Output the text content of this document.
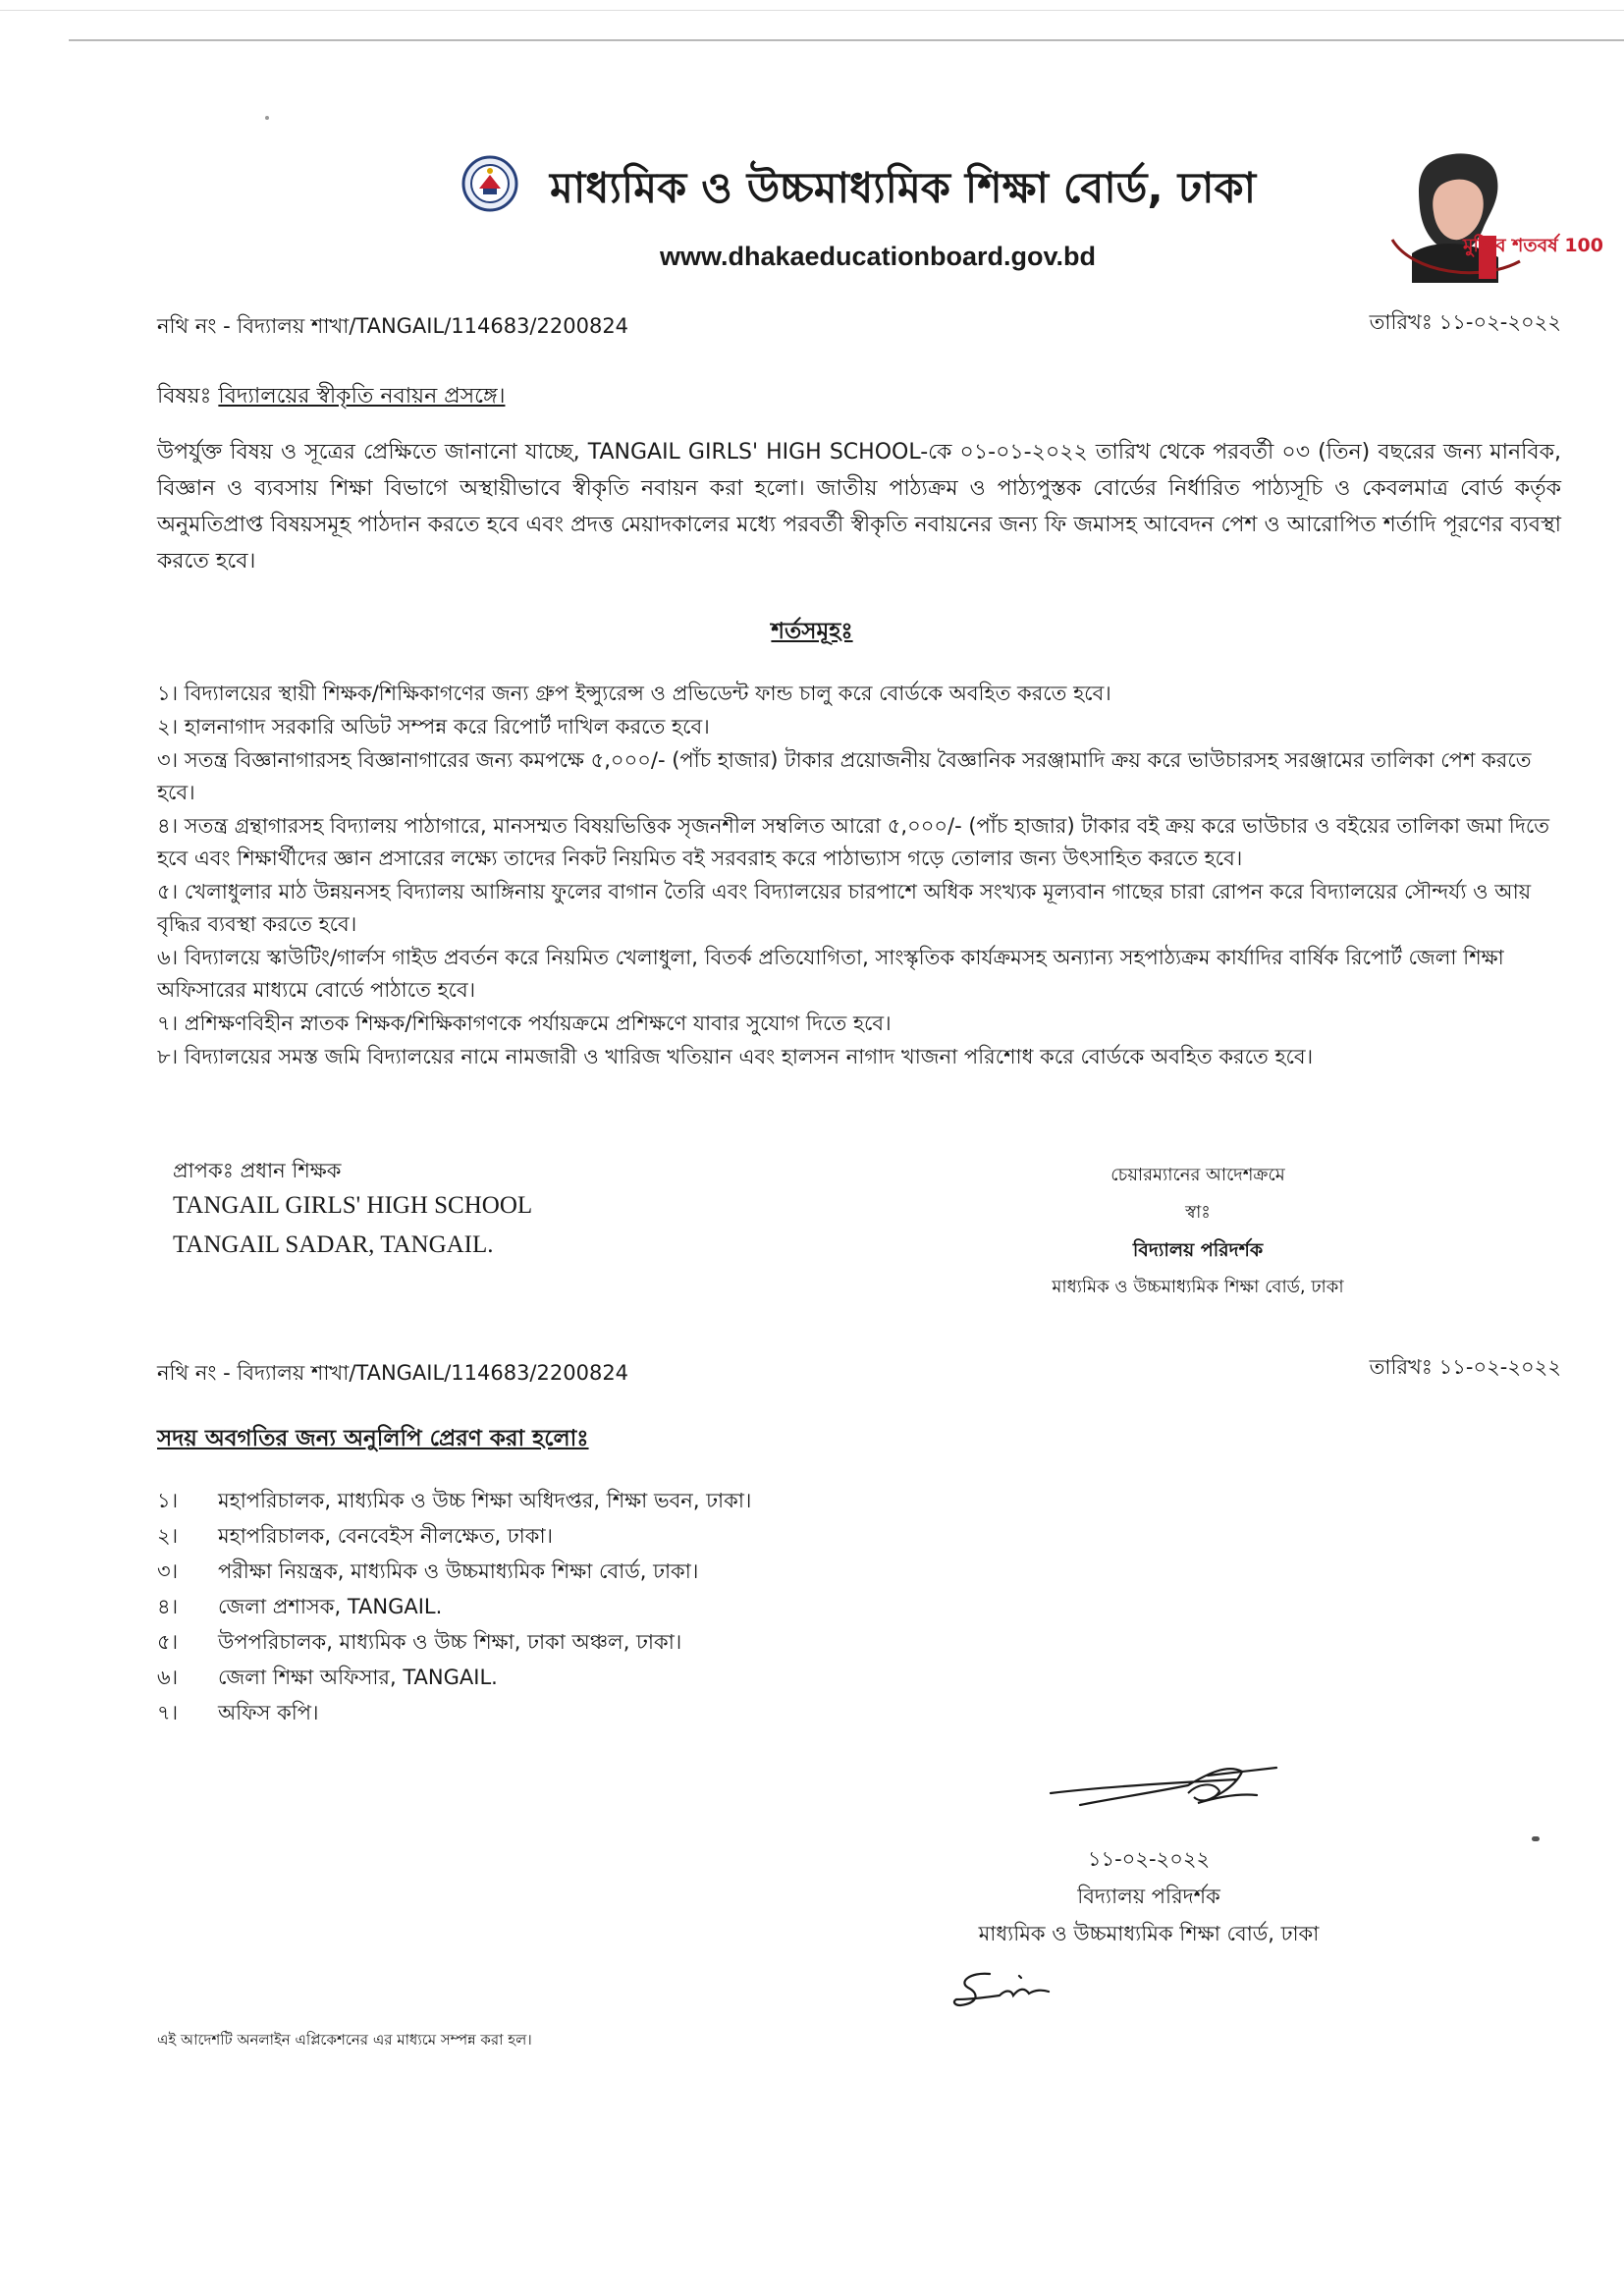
মাধ্যমিক ও উচ্চমাধ্যমিক শিক্ষা বোর্ড, ঢাকা
www.dhakaeducationboard.gov.bd	মুজিব শতবর্ষ 100
নথি নং - বিদ্যালয় শাখা/TANGAIL/114683/2200824	তারিখঃ ১১-০২-২০২২
বিষয়ঃ বিদ্যালয়ের স্বীকৃতি নবায়ন প্রসঙ্গে।
উপর্যুক্ত বিষয় ও সূত্রের প্রেক্ষিতে জানানো যাচ্ছে, TANGAIL GIRLS' HIGH SCHOOL-কে ০১-০১-২০২২ তারিখ থেকে পরবর্তী ০৩ (তিন) বছরের জন্য মানবিক, বিজ্ঞান ও ব্যবসায় শিক্ষা বিভাগে অস্থায়ীভাবে স্বীকৃতি নবায়ন করা হলো। জাতীয় পাঠ্যক্রম ও পাঠ্যপুস্তক বোর্ডের নির্ধারিত পাঠ্যসূচি ও কেবলমাত্র বোর্ড কর্তৃক অনুমতিপ্রাপ্ত বিষয়সমূহ পাঠদান করতে হবে এবং প্রদত্ত মেয়াদকালের মধ্যে পরবর্তী স্বীকৃতি নবায়নের জন্য ফি জমাসহ আবেদন পেশ ও আরোপিত শর্তাদি পূরণের ব্যবস্থা করতে হবে।
শর্তসমূহঃ
১। বিদ্যালয়ের স্থায়ী শিক্ষক/শিক্ষিকাগণের জন্য গ্রুপ ইন্স্যুরেন্স ও প্রভিডেন্ট ফান্ড চালু করে বোর্ডকে অবহিত করতে হবে।
২। হালনাগাদ সরকারি অডিট সম্পন্ন করে রিপোর্ট দাখিল করতে হবে।
৩। সতন্ত্র বিজ্ঞানাগারসহ বিজ্ঞানাগারের জন্য কমপক্ষে ৫,০০০/- (পাঁচ হাজার) টাকার প্রয়োজনীয় বৈজ্ঞানিক সরঞ্জামাদি ক্রয় করে ভাউচারসহ সরঞ্জামের তালিকা পেশ করতে হবে।
৪। সতন্ত্র গ্রন্থাগারসহ বিদ্যালয় পাঠাগারে, মানসম্মত বিষয়ভিত্তিক সৃজনশীল সম্বলিত আরো ৫,০০০/- (পাঁচ হাজার) টাকার বই ক্রয় করে ভাউচার ও বইয়ের তালিকা জমা দিতে হবে এবং শিক্ষার্থীদের জ্ঞান প্রসারের লক্ষ্যে তাদের নিকট নিয়মিত বই সরবরাহ করে পাঠাভ্যাস গড়ে তোলার জন্য উৎসাহিত করতে হবে।
৫। খেলাধুলার মাঠ উন্নয়নসহ বিদ্যালয় আঙ্গিনায় ফুলের বাগান তৈরি এবং বিদ্যালয়ের চারপাশে অধিক সংখ্যক মূল্যবান গাছের চারা রোপন করে বিদ্যালয়ের সৌন্দর্য্য ও আয় বৃদ্ধির ব্যবস্থা করতে হবে।
৬। বিদ্যালয়ে স্কাউটিং/গার্লস গাইড প্রবর্তন করে নিয়মিত খেলাধুলা, বিতর্ক প্রতিযোগিতা, সাংস্কৃতিক কার্যক্রমসহ অন্যান্য সহপাঠ্যক্রম কার্যাদির বার্ষিক রিপোর্ট জেলা শিক্ষা অফিসারের মাধ্যমে বোর্ডে পাঠাতে হবে।
৭। প্রশিক্ষণবিহীন স্নাতক শিক্ষক/শিক্ষিকাগণকে পর্যায়ক্রমে প্রশিক্ষণে যাবার সুযোগ দিতে হবে।
৮। বিদ্যালয়ের সমস্ত জমি বিদ্যালয়ের নামে নামজারী ও খারিজ খতিয়ান এবং হালসন নাগাদ খাজনা পরিশোধ করে বোর্ডকে অবহিত করতে হবে।
প্রাপকঃ প্রধান শিক্ষক
TANGAIL GIRLS' HIGH SCHOOL
TANGAIL SADAR, TANGAIL.
চেয়ারম্যানের আদেশক্রমে
স্বাঃ
বিদ্যালয় পরিদর্শক
মাধ্যমিক ও উচ্চমাধ্যমিক শিক্ষা বোর্ড, ঢাকা
নথি নং - বিদ্যালয় শাখা/TANGAIL/114683/2200824	তারিখঃ ১১-০২-২০২২
সদয় অবগতির জন্য অনুলিপি প্রেরণ করা হলোঃ
১। মহাপরিচালক, মাধ্যমিক ও উচ্চ শিক্ষা অধিদপ্তর, শিক্ষা ভবন, ঢাকা।
২। মহাপরিচালক, বেনবেইস নীলক্ষেত, ঢাকা।
৩। পরীক্ষা নিয়ন্ত্রক, মাধ্যমিক ও উচ্চমাধ্যমিক শিক্ষা বোর্ড, ঢাকা।
৪। জেলা প্রশাসক, TANGAIL.
৫। উপপরিচালক, মাধ্যমিক ও উচ্চ শিক্ষা, ঢাকা অঞ্চল, ঢাকা।
৬। জেলা শিক্ষা অফিসার, TANGAIL.
৭। অফিস কপি।
১১-০২-২০২২
বিদ্যালয় পরিদর্শক
মাধ্যমিক ও উচ্চমাধ্যমিক শিক্ষা বোর্ড, ঢাকা
এই আদেশটি অনলাইন এপ্লিকেশনের এর মাধ্যমে সম্পন্ন করা হল।
